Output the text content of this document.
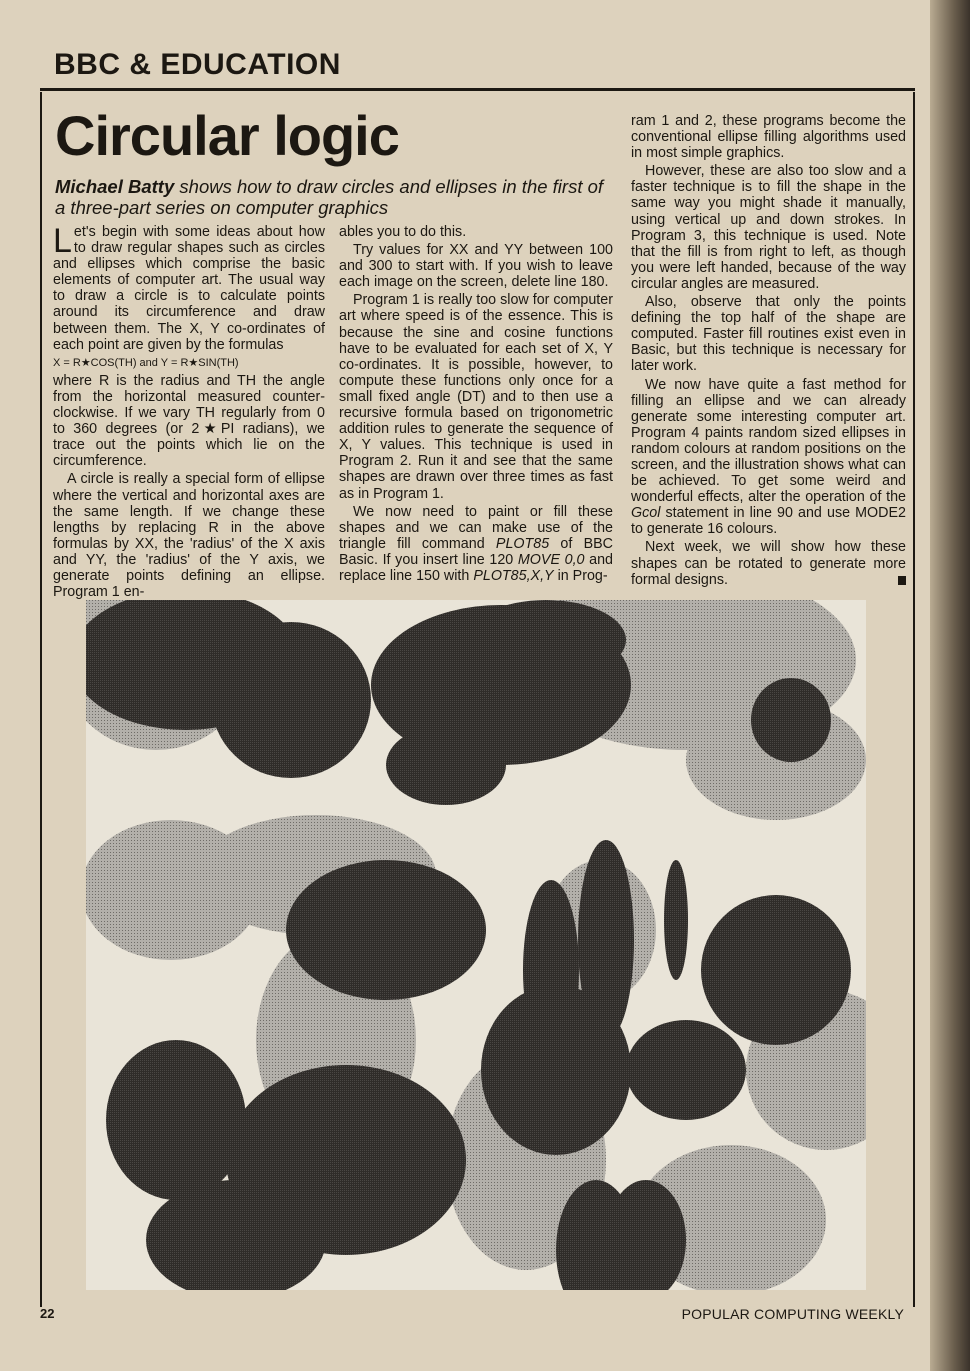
BBC & EDUCATION
Circular logic

Michael Batty shows how to draw circles and ellipses in the first of a three-part series on computer graphics

Let's begin with some ideas about how to draw regular shapes such as circles and ellipses which comprise the basic elements of computer art. The usual way to draw a circle is to calculate points around its circumference and draw between them. The X, Y co-ordinates of each point are given by the formulas

X = R★COS(TH) and Y = R★SIN(TH)

where R is the radius and TH the angle from the horizontal measured counter-clockwise. If we vary TH regularly from 0 to 360 degrees (or 2★PI radians), we trace out the points which lie on the circumference.

A circle is really a special form of ellipse where the vertical and horizontal axes are the same length. If we change these lengths by replacing R in the above formulas by XX, the 'radius' of the X axis and YY, the 'radius' of the Y axis, we generate points defining an ellipse. Program 1 en-

ables you to do this.

Try values for XX and YY between 100 and 300 to start with. If you wish to leave each image on the screen, delete line 180.

Program 1 is really too slow for computer art where speed is of the essence. This is because the sine and cosine functions have to be evaluated for each set of X, Y co-ordinates. It is possible, however, to compute these functions only once for a small fixed angle (DT) and to then use a recursive formula based on trigonometric addition rules to generate the sequence of X, Y values. This technique is used in Program 2. Run it and see that the same shapes are drawn over three times as fast as in Program 1.

We now need to paint or fill these shapes and we can make use of the triangle fill command PLOT85 of BBC Basic. If you insert line 120 MOVE 0,0 and replace line 150 with PLOT85,X,Y in Prog-

ram 1 and 2, these programs become the conventional ellipse filling algorithms used in most simple graphics.

However, these are also too slow and a faster technique is to fill the shape in the same way you might shade it manually, using vertical up and down strokes. In Program 3, this technique is used. Note that the fill is from right to left, as though you were left handed, because of the way circular angles are measured.

Also, observe that only the points defining the top half of the shape are computed. Faster fill routines exist even in Basic, but this technique is necessary for later work.

We now have quite a fast method for filling an ellipse and we can already generate some interesting computer art. Program 4 paints random sized ellipses in random colours at random positions on the screen, and the illustration shows what can be achieved. To get some weird and wonderful effects, alter the operation of the Gcol statement in line 90 and use MODE2 to generate 16 colours.

Next week, we will show how these shapes can be rotated to generate more formal designs.

22	POPULAR COMPUTING WEEKLY
